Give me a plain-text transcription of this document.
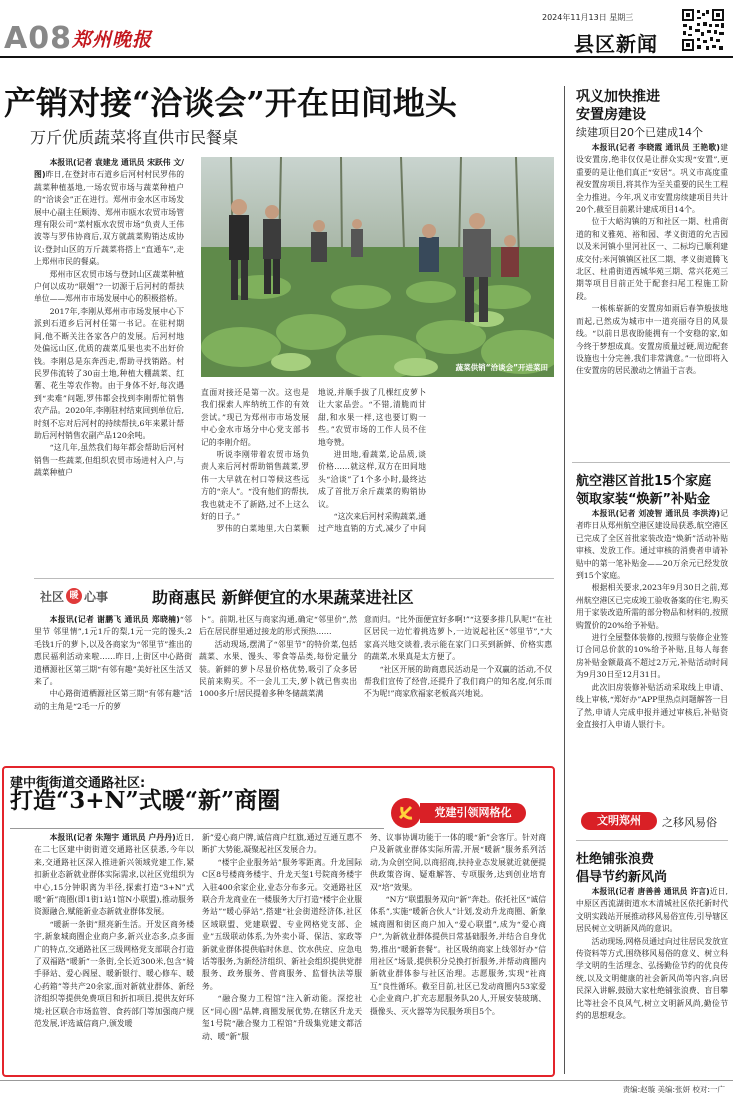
A08 郑州晚报
2024年11月13日 星期三
县区新闻
产销对接“洽谈会”开在田间地头
万斤优质蔬菜将直供市民餐桌
蔬菜供销“洽谈会”开进菜田

本报讯(记者 袁建龙 通讯员 宋跃伟 文/图)昨日,在登封市石道乡后河村村民罗伟的蔬菜种植基地,一场农贸市场与蔬菜种植户的“洽谈会”正在进行。郑州市金水区市场发展中心副主任顾涛、郑州市瓯水农贸市场管理有限公司“菜村瓯水农贸市场”负责人王伟波等与罗伟协商后,双方就蔬菜购销达成协议:登封山区的万斤蔬菜将搭上“直通车”,走上郑州市民的餐桌。

郑州市区农贸市场与登封山区蔬菜种植户何以成功“联姻”?一切源于后河村的帮扶单位——郑州市市场发展中心的积极搭桥。

2017年,李刚从郑州市市场发展中心下派到石道乡后河村任第一书记。在驻村期间,他不断关注各家各户的发展。后河村地处偏远山区,优质的蔬菜瓜果也卖不出好价钱。李刚总是东奔西走,帮助寻找销路。村民罗伟流转了30亩土地,种植大棚蔬菜、红薯、花生等农作物。由于身体不好,每次遇到“卖难”问题,罗伟都会找到李刚帮忙销售农产品。2020年,李刚驻村结束回到单位后,时刻不忘对后河村的持续帮扶,6年来累计帮助后河村销售农副产品120余吨。

“这几年,虽然我们每年都会帮助后河村销售一些蔬菜,但组织农贸市场进村入户,与蔬菜种植户

直面对接还是第一次。这也是我们探索人库纳统工作的有效尝试。”现已为郑州市市场发展中心金水市场分中心党支部书记的李刚介绍。

听说李刚带着农贸市场负责人来后河村帮助销售蔬菜,罗伟一大早就在村口等候这些远方的“亲人”。“没有他们的帮扶,我也就走不了新路,过不上这么好的日子。”

罗伟的白菜地里,大白菜颗

地说,并顺手拔了几棵红皮萝卜让大家品尝。“不错,清脆而甘甜,和水果一样,这也要订购一些。”农贸市场的工作人员不住地夸赞。

进田地,看蔬菜,论品质,谈价格……就这样,双方在田间地头“洽谈”了1个多小时,最终达成了首批万余斤蔬菜的购销协议。

“这次来后河村采购蔬菜,通过产地直销的方式,减少了中间

社区 暖 心事	助商惠民 新鲜便宜的水果蔬菜进社区

本报讯(记者 谢鹏飞 通讯员 郑晓楠)“邻里节 邻里情”,1元1斤的梨,1元一完的馒头,2毛钱1斤的萝卜,以及各商家为“邻里节”推出的惠民福利活动来啦……昨日,上街区中心路街道栖源社区第三期“有邻有趣”美好社区生活又来了。

中心路街道栖源社区第三期“有邻有趣”活动的主角是“2毛一斤的萝

卜”。前期,社区与商家沟通,确定“邻里价”,然后在居民群里通过接龙的形式预热……

活动现场,摆满了“邻里节”的特价菜,包括蔬菜、水果、馒头、零食等品类,每份定量分装。新鲜的萝卜尽显价格优势,吸引了众多居民前来购买。不一会儿工夫,萝卜就已售卖出1000多斤!居民提着多种冬储蔬菜满

意而归。“比外面便宜好多啊!”“这要多排几队呢!”在社区居民一边忙着挑选萝卜,一边说起社区“邻里节”,“大家高兴地交谈着,表示能在家门口买到新鲜、价格实惠的蔬菜,水果真是太方便了。

“社区开展的助商惠民活动是一个双赢的活动,不仅帮我们宣传了经营,还提升了我们商户的知名度,何乐而不为呢!”商家欣福家老板高兴地说。

建中街街道交通路社区:
打造“3+N”式暖“新”商圈	党建引领网格化

本报讯(记者 朱翔宇 通讯员 户丹丹)近日,在二七区建中街街道交通路社区获悉,今年以来,交通路社区深入推进新兴领域党建工作,紧扣新业态新就业群体实际需求,以社区党组织为中心,15分钟职离为半径,探索打造“3+N”式暖“新”商圈(即1街1站1馆N小联盟),推动服务资源融合,赋能新业态新就业群体发展。

“暖新一条街”照亮新生活。开发区商务楼宇,新象城商圈企业商户多,新兴业态多,点多面广的特点,交通路社区三级网格党支部联合打造了双福路“暖新”一条街,全长近300米,包含“骑手驿站、爱心阁屋、暖新银行、暖心修车、暖心药箱”等共产20余家,面对新就业群体、新经济组织等提供免费项目和折扣项目,提供友好环境;社区联合市场监管、食药部门等加强商户规范发展,评选诚信商户,颁发暖

新”爱心商户牌,诚信商户红旗,通过互通互惠不断扩大势能,凝聚起社区发展合力。

“楼宇企业服务站”服务零距离。升龙国际C区8号楼商务楼宇、升龙天玺1号院商务楼宇入驻400余家企业,业态分布多元。交通路社区联合升龙商业在一楼服务大厅打造“楼宇企业服务站”“暖心驿站”,搭建“社会街道经济体,社区区域联盟、党建联盟、专业网格党支部、企业”五级联动体系,为外卖小哥、保洁、家政等新就业群体提供临时休息、饮水供应、应急电话等服务,为新经济组织、新社会组织提供党群服务、政务服务、营商服务、监督执法等服务。

“融合聚力工程馆”注入新动能。深挖社区“同心圆”品牌,商圈发展优势,在辖区升龙天玺1号院“融合聚力工程馆”升级集党建文都活动、暖“新”服

务、议事协调功能于一体的暖“新”会客厅。针对商户及新就业群体实际所需,开展“暖新”服务系列活动,为众创空间,以商招商,扶持业态发展就近就便提供政策咨询、疑难解答、专项服务,达到创业培育双“培”效果。

“N方”联盟服务双向“新”奔赴。依托社区“诚信体系”,实施“暖新合伙人”计划,发动升龙商圈、新象城商圈和街区商户加入“爱心联盟”,成为“爱心商户”,为新就业群体提供日常基础服务,并结合自身优势,推出“暖新套餐”。社区吸纳商家上线邻好办“信用社区”场景,提供积分兑换打折服务,并帮动商圈内新就业群体参与社区治理。志愿服务,实现“社商互”良性循环。截至目前,社区已发动商圈内53家爱心企业商户,扩充志愿服务队20人,开展安装玻璃、摄像头、灭火器等为民服务项目5个。

巩义加快推进
安置房建设
续建项目20个已建成14个

本报讯(记者 李晓霞 通讯员 王艳歌)建设安置房,绝非仅仅是让群众实现“安置”,更重要的是让他们真正“安居”。巩义市高度重视安置房项目,将其作为至关重要的民生工程全力推进。今年,巩义市安置房续建项目共计20个,截至目前累计建成项目14个。

位于大峪沟镇的万和社区一期、杜甫街道的和义雅苑、裕和园、孝义街道的允吉园以及米河镇小里河社区一、二标均已顺利建成交付;米河镇镇区社区二期、孝义街道腾飞北区、杜甫街道西城华苑三期、常兴花苑三期等项目目前正处于配套扫尾工程施工阶段。

一栋栋崭新的安置房如雨后春笋般拔地而起,已然成为城市中一道亮丽夺目的风景线。“以前日思夜盼能拥有一个安稳的家,如今终于梦想成真。安置房质量过硬,周边配套设施也十分完善,我们非常满意。”一位即将入住安置房的居民激动之情溢于言表。

航空港区首批15个家庭
领取家装“焕新”补贴金

本报讯(记者 刘凌智 通讯员 李洪涛)记者昨日从郑州航空港区建设局获悉,航空港区已完成了全区首批家装改造“焕新”活动补贴审核、发放工作。通过审核的消费者申请补贴中的第一笔补贴金——20万余元已经发放到15个家庭。

根据相关要求,2023年9月30日之前,郑州航空港区已完成竣工验收备案的住宅,购买用于家装改造所需的部分物品和材料的,按照购置价的20%给予补贴。

进行全屋整体装修的,按照与装修企业签订合同总价款的10%给予补贴,且每人每套房补贴金额最高不超过2万元,补贴活动时间为9月30日至12月31日。

此次旧房装修补贴活动采取线上申请、线上审核,“郑好办”APP里热点问题解答一目了然,申请人完成申报并通过审核后,补贴资金直接打入申请人银行卡。

文明郑州	之移风易俗
杜绝铺张浪费
倡导节约新风尚

本报讯(记者 唐善善 通讯员 许言)近日,中原区西流湖街道水木清城社区依托新时代文明实践站开展推动移风易俗宣传,引导辖区居民树立文明新风尚的意识。

活动现场,网格员通过向过往居民发放宣传资料等方式,围绕移风易俗的意义、树立科学文明的生活理念、弘扬勤俭节约的优良传统,以及文明健康的社会新风尚等内容,向居民深入讲解,鼓励大家杜绝铺张浪费、盲目攀比等社会不良风气,树立文明新风尚,勤俭节约的思想观念。

责编:赵璇 美编:张妍 校对:一广
